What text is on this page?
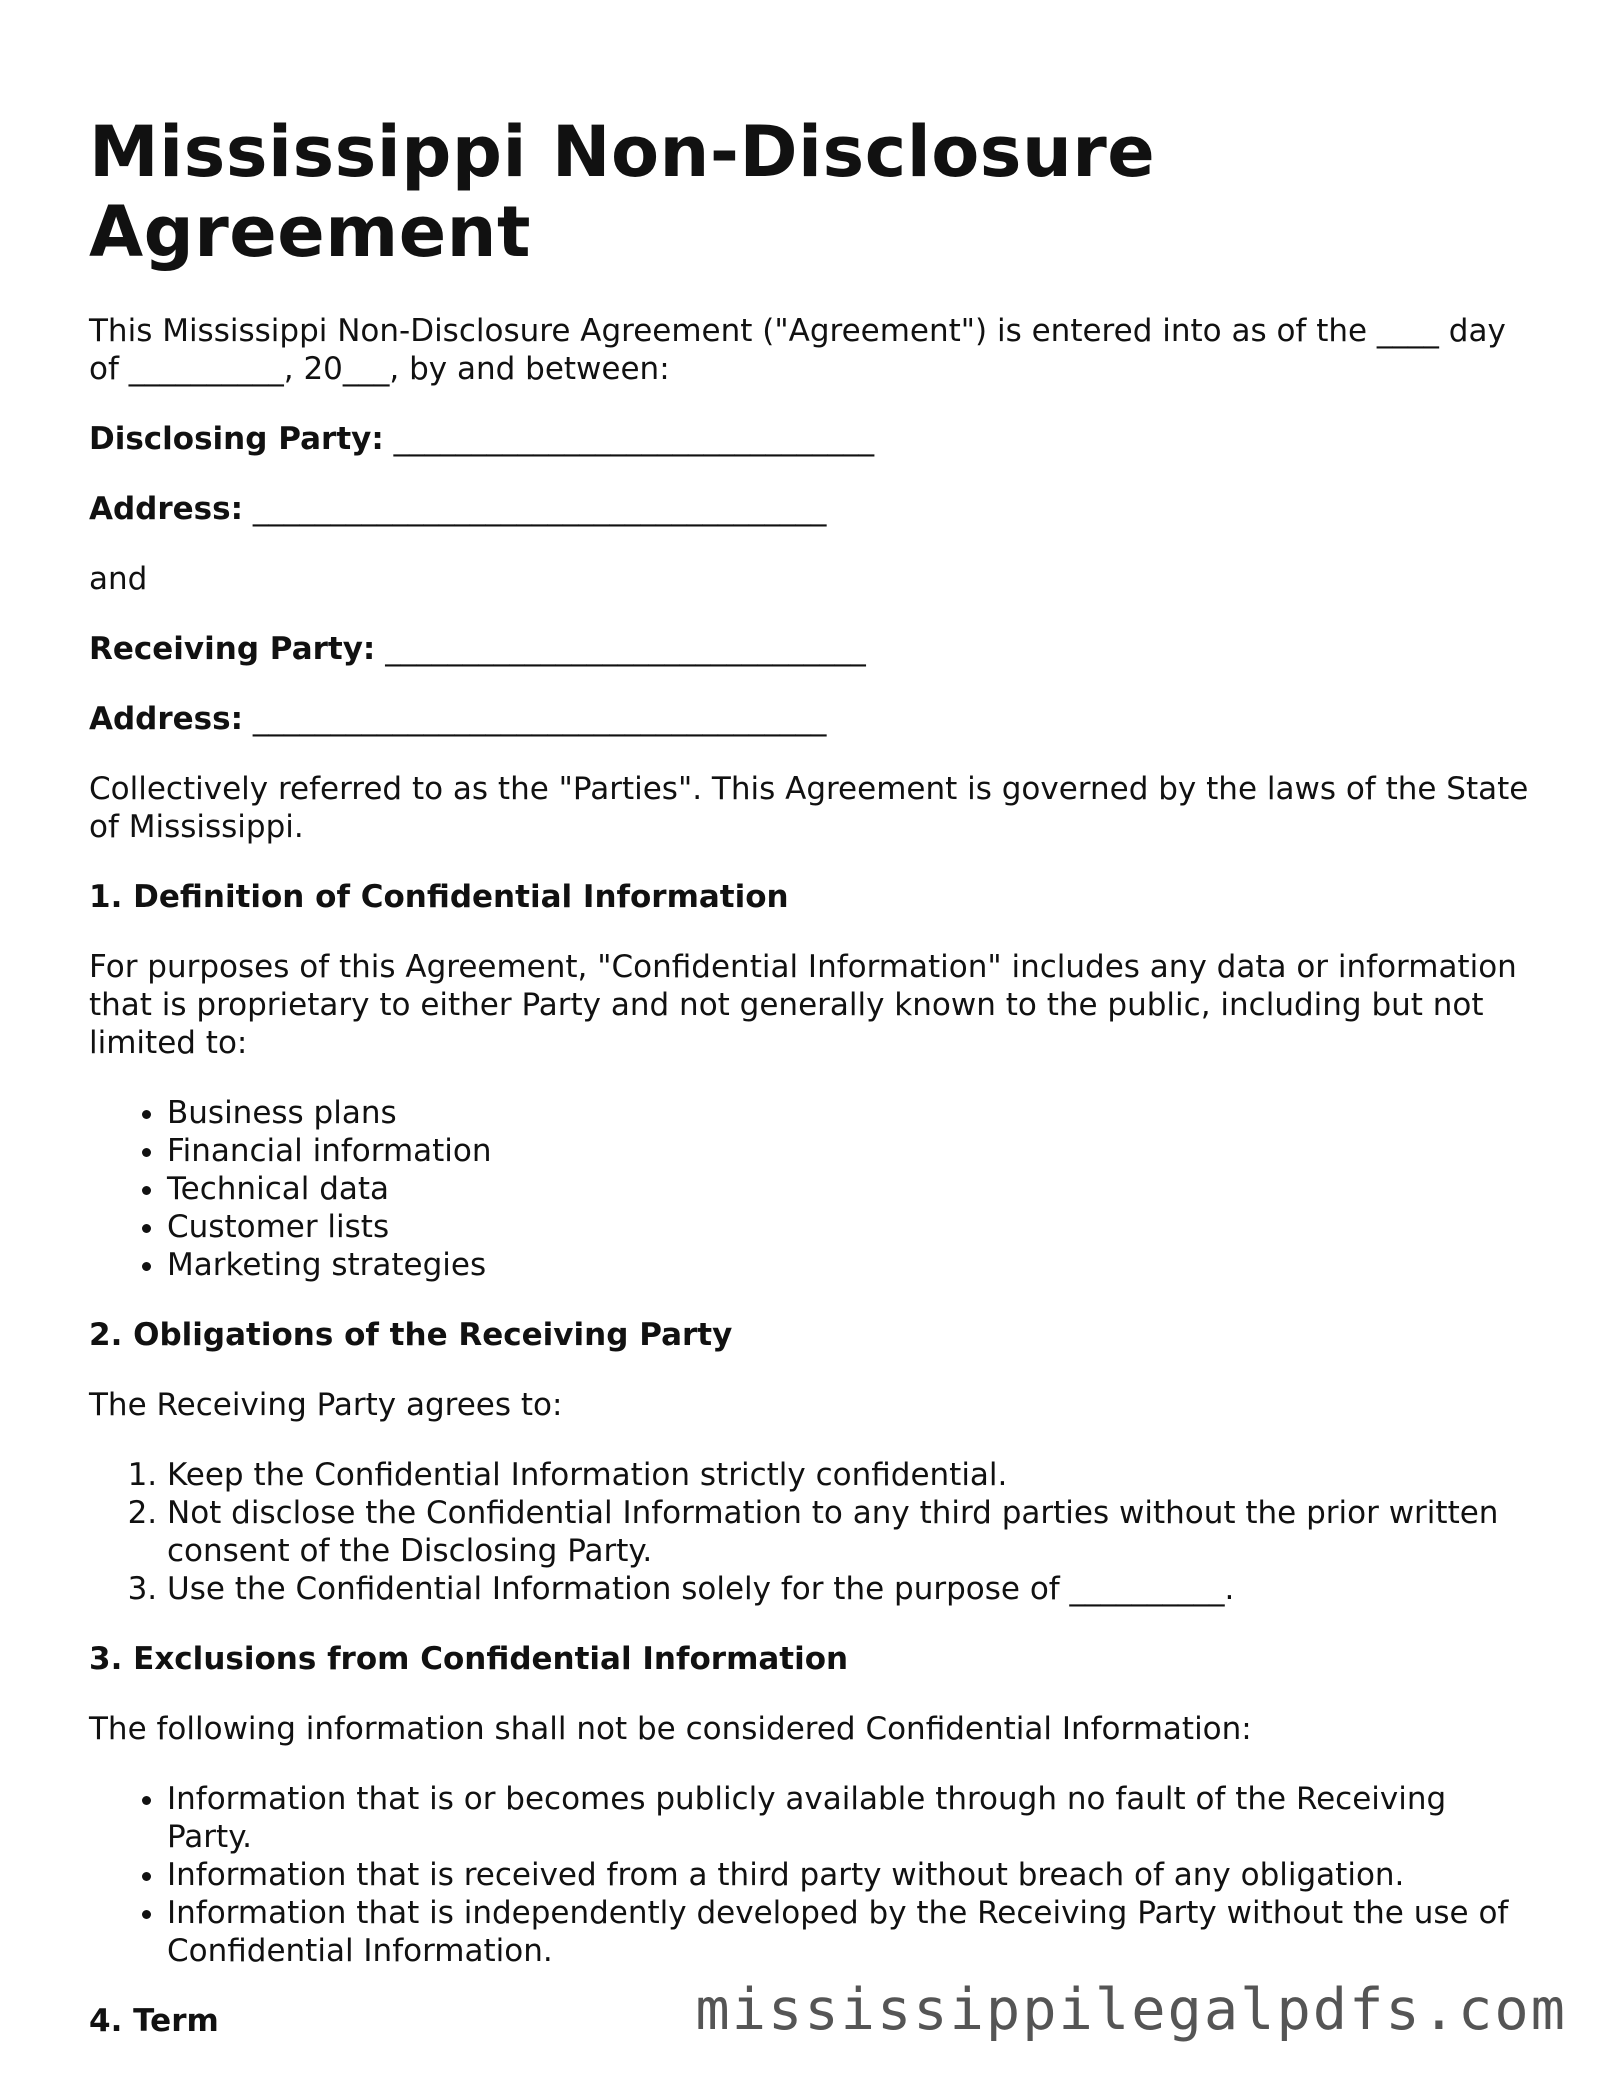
Mississippi Non-Disclosure Agreement

This Mississippi Non-Disclosure Agreement ("Agreement") is entered into as of the ____ day of __________, 20___, by and between:

Disclosing Party: _______________________________

Address: _____________________________________

and

Receiving Party: _______________________________

Address: _____________________________________

Collectively referred to as the "Parties". This Agreement is governed by the laws of the State of Mississippi.

1. Definition of Confidential Information

For purposes of this Agreement, "Confidential Information" includes any data or information that is proprietary to either Party and not generally known to the public, including but not limited to:

• Business plans
• Financial information
• Technical data
• Customer lists
• Marketing strategies
2. Obligations of the Receiving Party

The Receiving Party agrees to:

1. Keep the Confidential Information strictly confidential.
2. Not disclose the Confidential Information to any third parties without the prior written consent of the Disclosing Party.
3. Use the Confidential Information solely for the purpose of __________.
3. Exclusions from Confidential Information

The following information shall not be considered Confidential Information:

• Information that is or becomes publicly available through no fault of the Receiving Party.
• Information that is received from a third party without breach of any obligation.
• Information that is independently developed by the Receiving Party without the use of Confidential Information.
4. Term	mississippilegalpdfs.com
